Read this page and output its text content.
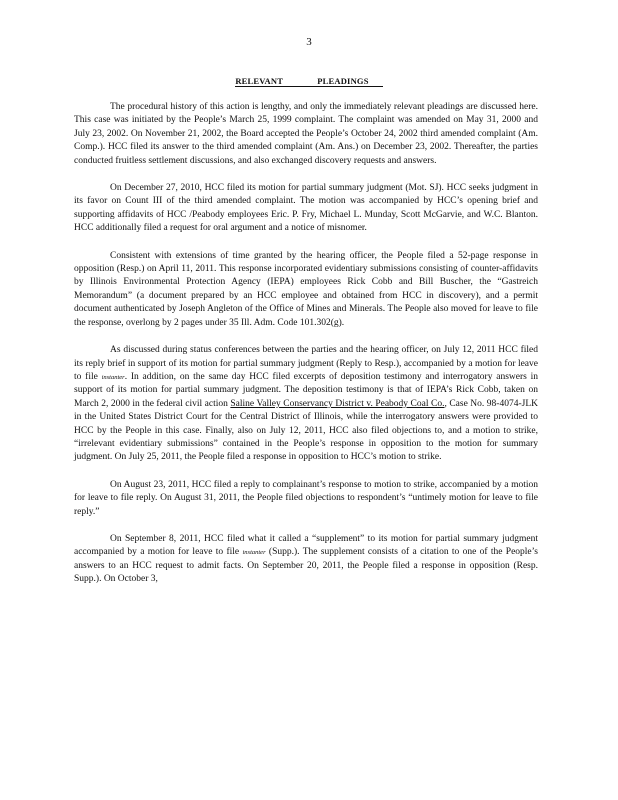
3
RELEVANT PLEADINGS

The procedural history of this action is lengthy, and only the immediately relevant pleadings are discussed here. This case was initiated by the People’s March 25, 1999 complaint. The complaint was amended on May 31, 2000 and July 23, 2002. On November 21, 2002, the Board accepted the People’s October 24, 2002 third amended complaint (Am. Comp.). HCC filed its answer to the third amended complaint (Am. Ans.) on December 23, 2002. Thereafter, the parties conducted fruitless settlement discussions, and also exchanged discovery requests and answers.

On December 27, 2010, HCC filed its motion for partial summary judgment (Mot. SJ). HCC seeks judgment in its favor on Count III of the third amended complaint. The motion was accompanied by HCC’s opening brief and supporting affidavits of HCC /Peabody employees Eric. P. Fry, Michael L. Munday, Scott McGarvie, and W.C. Blanton. HCC additionally filed a request for oral argument and a notice of misnomer.

Consistent with extensions of time granted by the hearing officer, the People filed a 52-page response in opposition (Resp.) on April 11, 2011. This response incorporated evidentiary submissions consisting of counter-affidavits by Illinois Environmental Protection Agency (IEPA) employees Rick Cobb and Bill Buscher, the “Gastreich Memorandum” (a document prepared by an HCC employee and obtained from HCC in discovery), and a permit document authenticated by Joseph Angleton of the Office of Mines and Minerals. The People also moved for leave to file the response, overlong by 2 pages under 35 Ill. Adm. Code 101.302(g).

As discussed during status conferences between the parties and the hearing officer, on July 12, 2011 HCC filed its reply brief in support of its motion for partial summary judgment (Reply to Resp.), accompanied by a motion for leave to file instanter. In addition, on the same day HCC filed excerpts of deposition testimony and interrogatory answers in support of its motion for partial summary judgment. The deposition testimony is that of IEPA’s Rick Cobb, taken on March 2, 2000 in the federal civil action Saline Valley Conservancy District v. Peabody Coal Co., Case No. 98-4074-JLK in the United States District Court for the Central District of Illinois, while the interrogatory answers were provided to HCC by the People in this case. Finally, also on July 12, 2011, HCC also filed objections to, and a motion to strike, “irrelevant evidentiary submissions” contained in the People’s response in opposition to the motion for summary judgment. On July 25, 2011, the People filed a response in opposition to HCC’s motion to strike.

On August 23, 2011, HCC filed a reply to complainant’s response to motion to strike, accompanied by a motion for leave to file reply. On August 31, 2011, the People filed objections to respondent’s “untimely motion for leave to file reply.”

On September 8, 2011, HCC filed what it called a “supplement” to its motion for partial summary judgment accompanied by a motion for leave to file instanter (Supp.). The supplement consists of a citation to one of the People’s answers to an HCC request to admit facts. On September 20, 2011, the People filed a response in opposition (Resp. Supp.). On October 3,
